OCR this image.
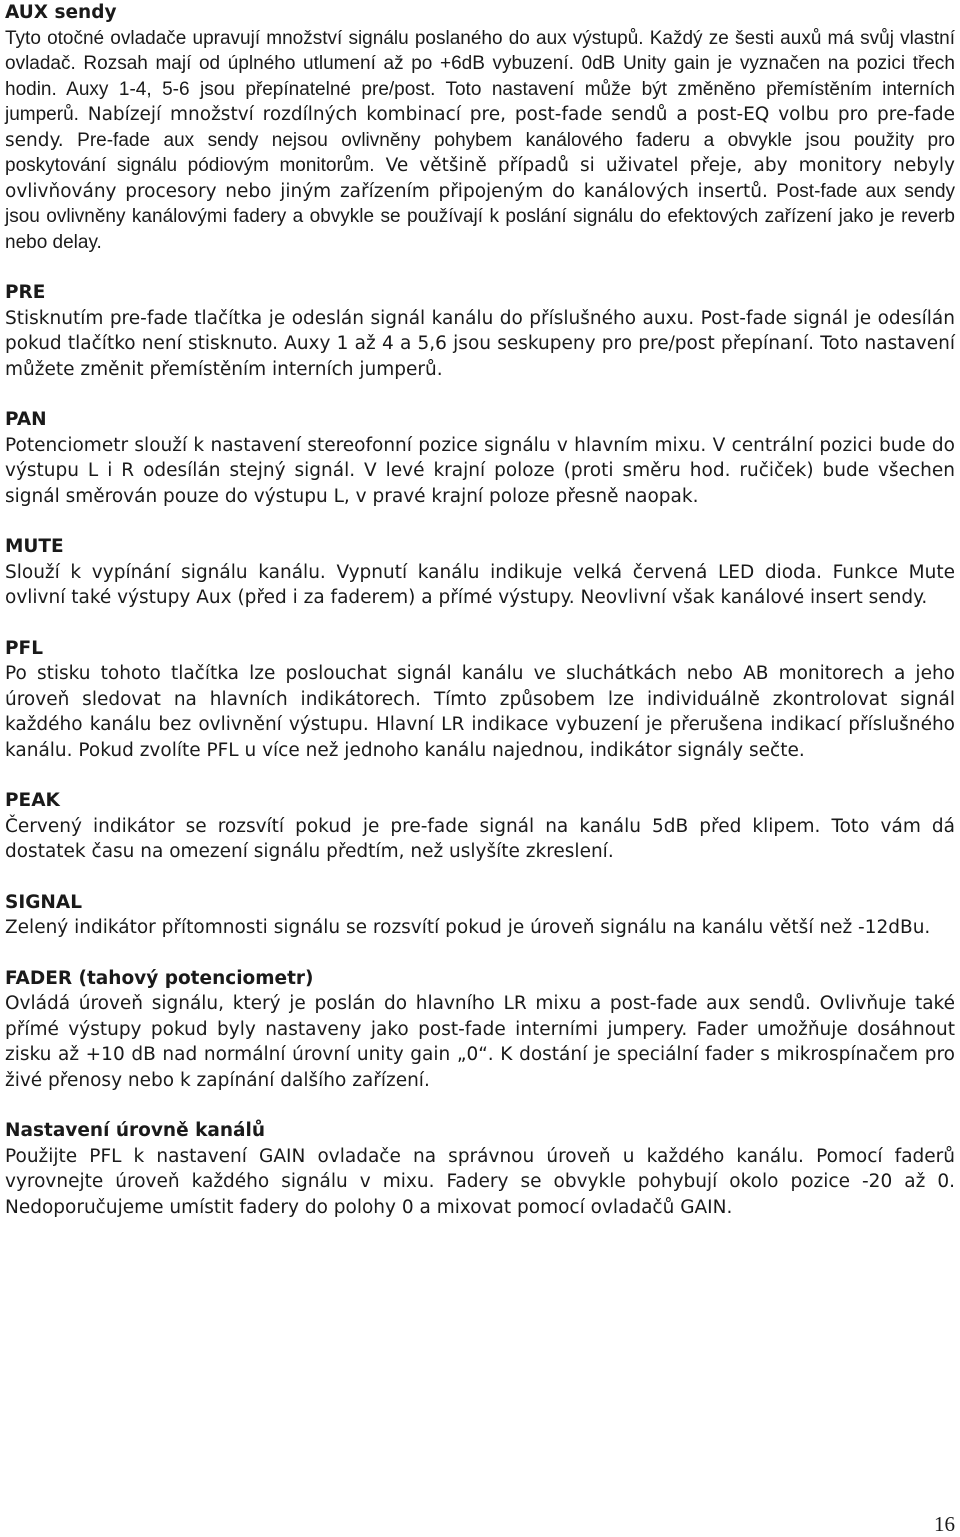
AUX sendy
Tyto otočné ovladače upravují množství signálu poslaného do aux výstupů. Každý ze šesti auxů má svůj vlastní ovladač. Rozsah mají od úplného utlumení až po +6dB vybuzení. 0dB Unity gain je vyznačen na pozici třech hodin. Auxy 1-4, 5-6 jsou přepínatelné pre/post. Toto nastavení může být změněno přemístěním interních jumperů. Nabízejí množství rozdílných kombinací pre, post-fade sendů a post-EQ volbu pro pre-fade sendy. Pre-fade aux sendy nejsou ovlivněny pohybem kanálového faderu a obvykle jsou použity pro poskytování signálu pódiovým monitorům. Ve většině případů si uživatel přeje, aby monitory nebyly ovlivňovány procesory nebo jiným zařízením připojeným do kanálových insertů. Post-fade aux sendy jsou ovlivněny kanálovými fadery a obvykle se používají k poslání signálu do efektových zařízení jako je reverb nebo delay.
PRE
Stisknutím pre-fade tlačítka je odeslán signál kanálu do příslušného auxu. Post-fade signál je odesílán pokud tlačítko není stisknuto. Auxy 1 až 4 a 5,6 jsou seskupeny pro pre/post přepínaní. Toto nastavení můžete změnit přemístěním interních jumperů.
PAN
Potenciometr slouží k nastavení stereofonní pozice signálu v hlavním mixu. V centrální pozici bude do výstupu L i R odesílán stejný signál. V levé krajní poloze (proti směru hod. ručiček) bude všechen signál směrován pouze do výstupu L, v pravé krajní poloze přesně naopak.
MUTE
Slouží k vypínání signálu kanálu. Vypnutí kanálu indikuje velká červená LED dioda. Funkce Mute ovlivní také výstupy Aux (před i za faderem) a přímé výstupy. Neovlivní však kanálové insert sendy.
PFL
Po stisku tohoto tlačítka lze poslouchat signál kanálu ve sluchátkách nebo AB monitorech a jeho úroveň sledovat na hlavních indikátorech. Tímto způsobem lze individuálně zkontrolovat signál každého kanálu bez ovlivnění výstupu. Hlavní LR indikace vybuzení je přerušena indikací příslušného kanálu. Pokud zvolíte PFL u více než jednoho kanálu najednou, indikátor signály sečte.
PEAK
Červený indikátor se rozsvítí pokud je pre-fade signál na kanálu 5dB před klipem. Toto vám dá dostatek času na omezení signálu předtím, než uslyšíte zkreslení.
SIGNAL
Zelený indikátor přítomnosti signálu se rozsvítí pokud je úroveň signálu na kanálu větší než -12dBu.
FADER (tahový potenciometr)
Ovládá úroveň signálu, který je poslán do hlavního LR mixu a post-fade aux sendů. Ovlivňuje také přímé výstupy pokud byly nastaveny jako post-fade interními jumpery. Fader umožňuje dosáhnout zisku až +10 dB nad normální úrovní unity gain „0“. K dostání je speciální fader s mikrospínačem pro živé přenosy nebo k zapínání dalšího zařízení.
Nastavení úrovně kanálů
Použijte PFL k nastavení GAIN ovladače na správnou úroveň u každého kanálu. Pomocí faderů vyrovnejte úroveň každého signálu v mixu. Fadery se obvykle pohybují okolo pozice -20 až 0. Nedoporučujeme umístit fadery do polohy 0 a mixovat pomocí ovladačů GAIN.
16
